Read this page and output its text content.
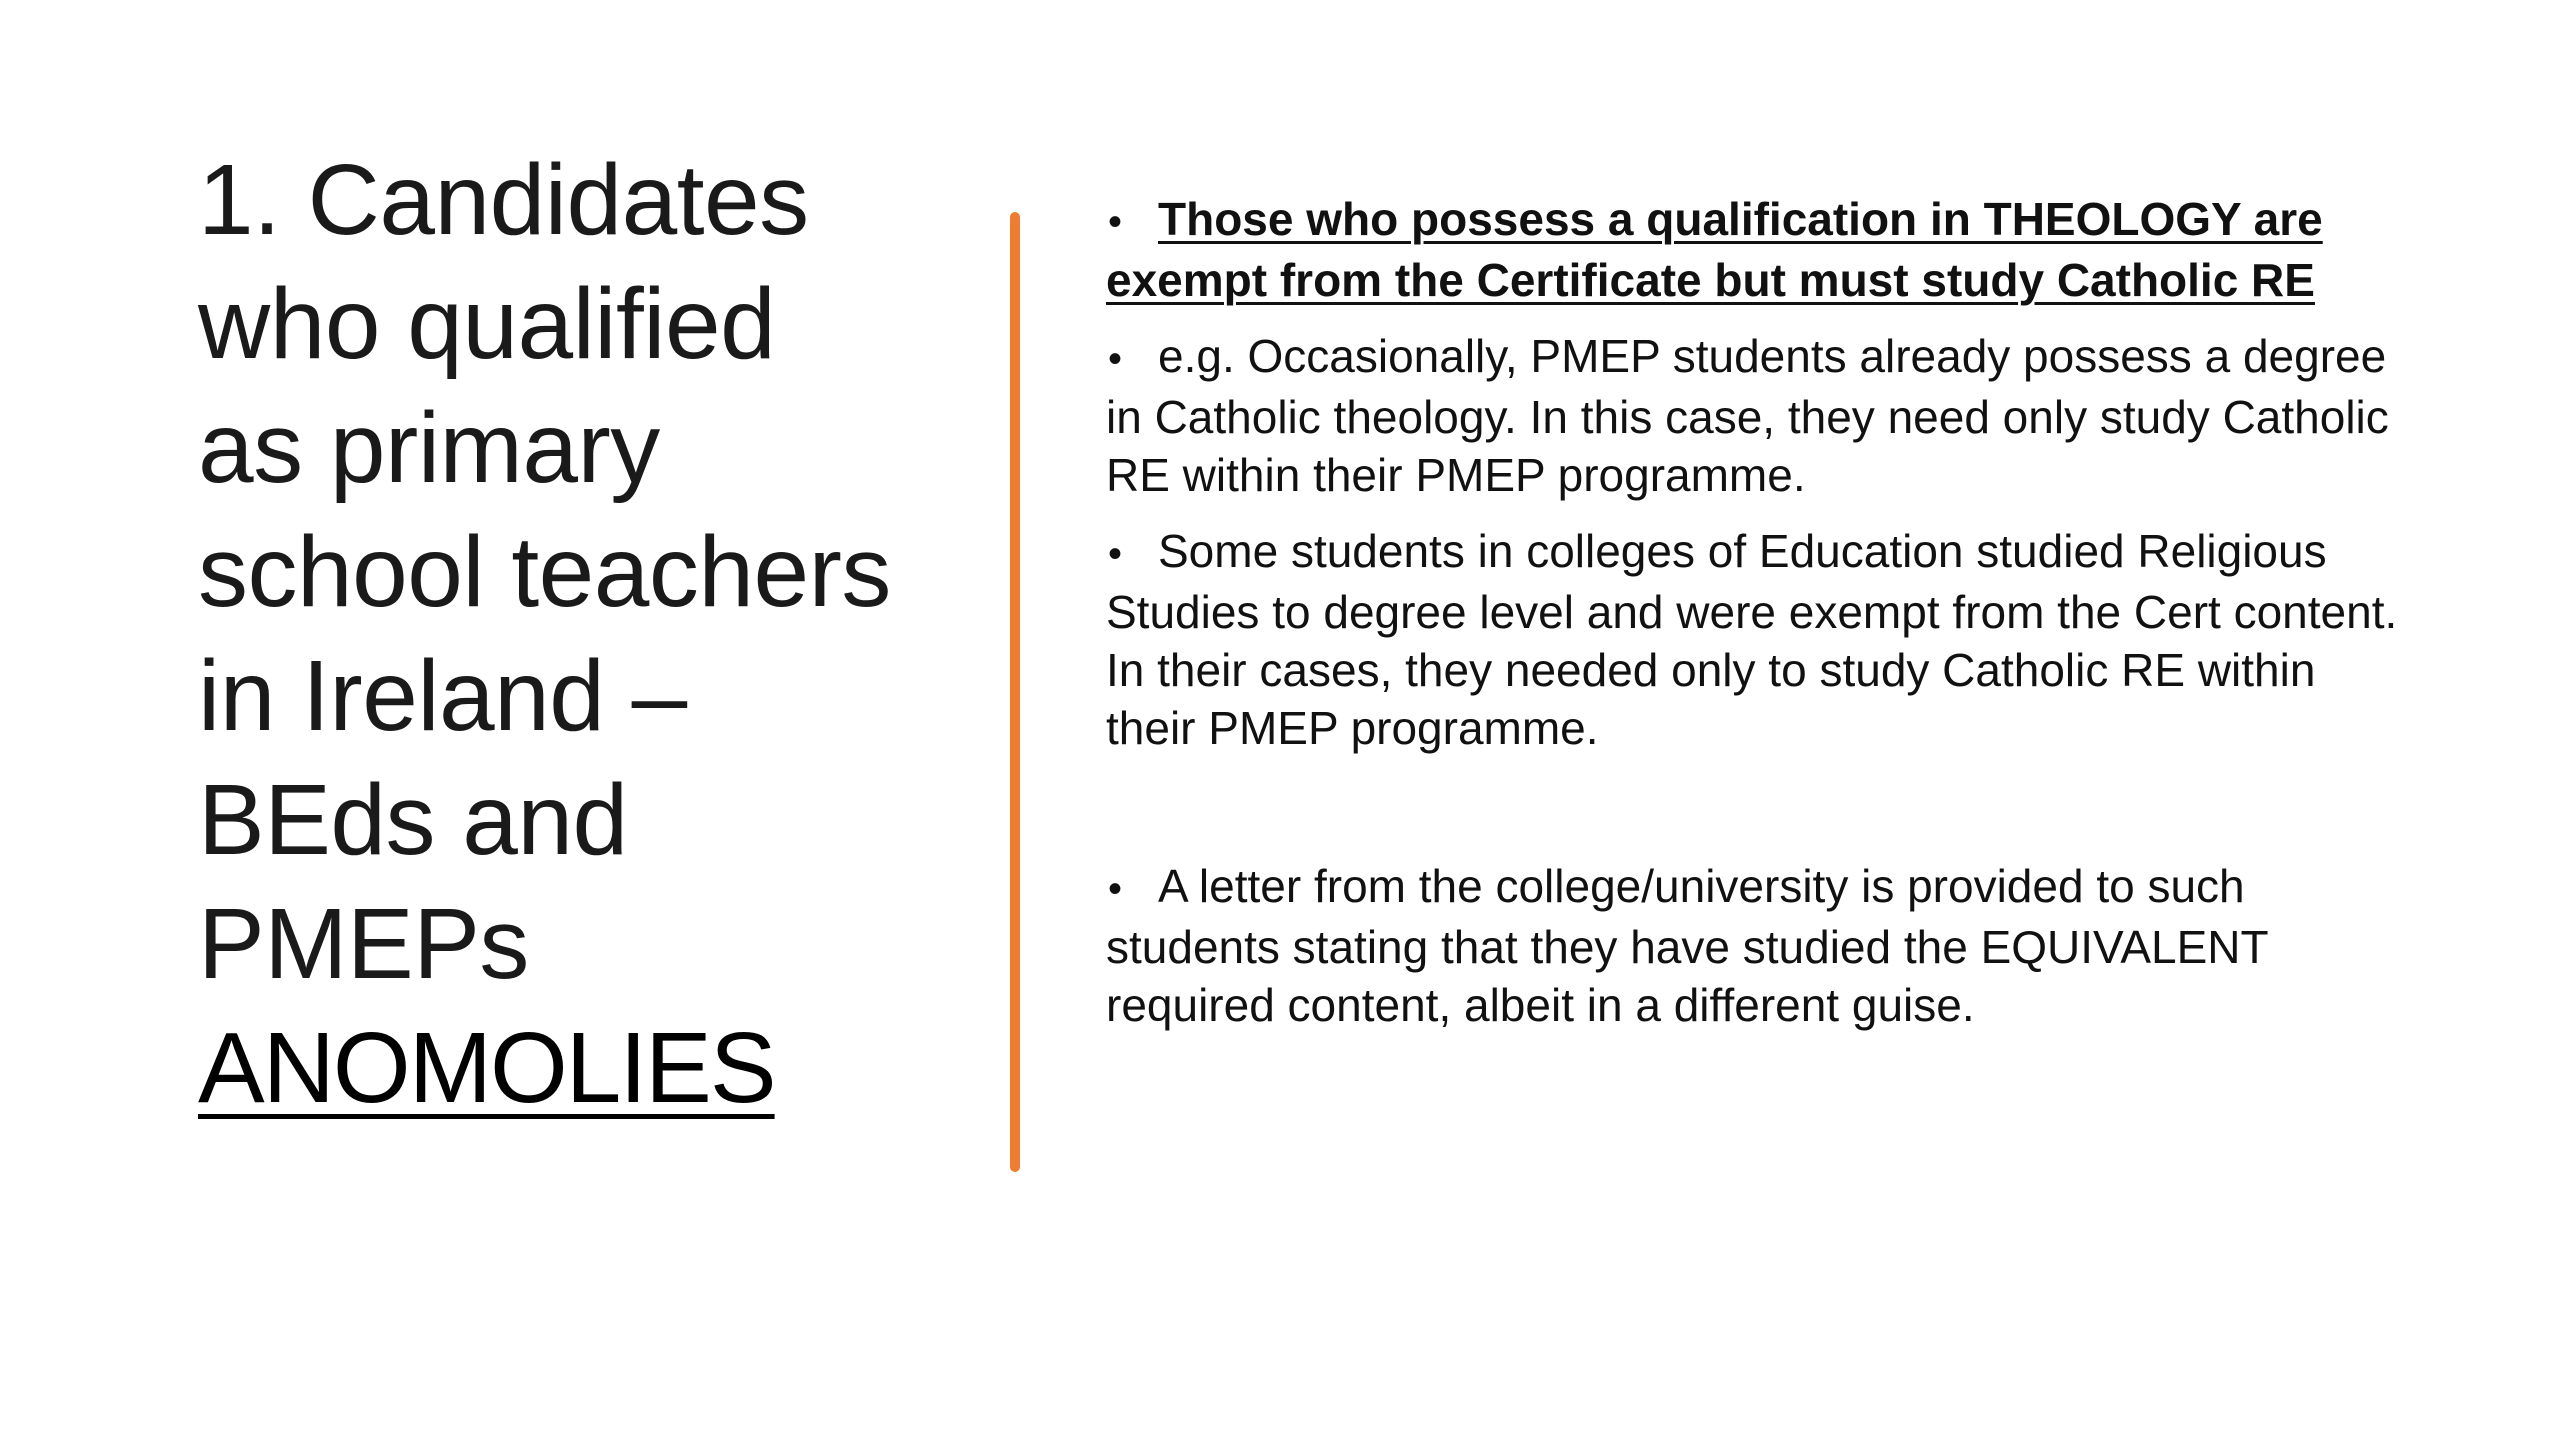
1. Candidates
who qualified
as primary
school teachers
in Ireland –
BEds and
PMEPs
ANOMOLIES
• Those who possess a qualification in THEOLOGY are exempt from the Certificate but must study Catholic RE
• e.g. Occasionally, PMEP students already possess a degree in Catholic theology. In this case, they need only study Catholic RE within their PMEP programme.
• Some students in colleges of Education studied Religious Studies to degree level and were exempt from the Cert content. In their cases, they needed only to study Catholic RE within their PMEP programme.
• A letter from the college/university is provided to such students stating that they have studied the EQUIVALENT required content, albeit in a different guise.
